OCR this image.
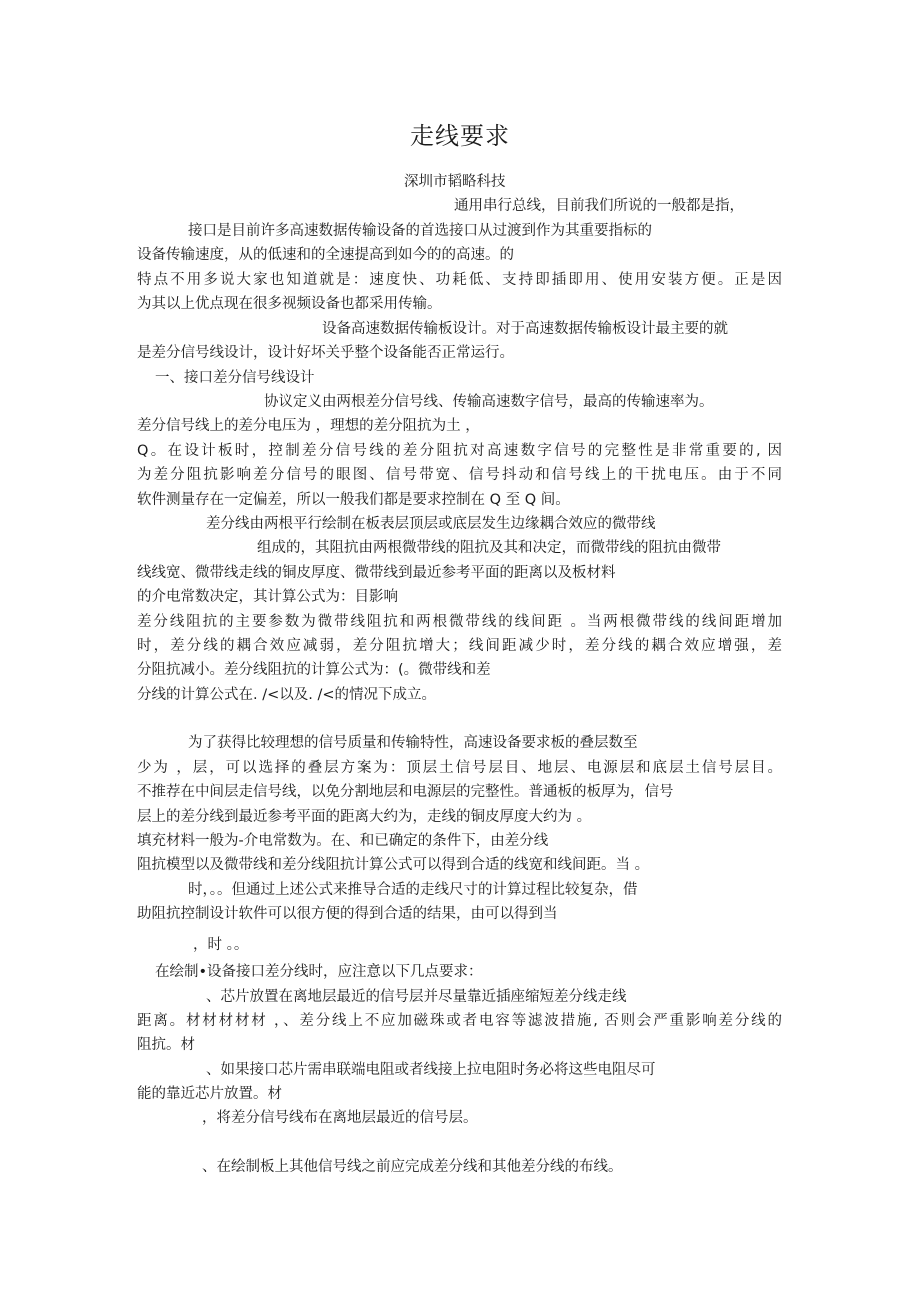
走线要求
深圳市韬略科技
通用串行总线，目前我们所说的一般都是指，
接口是目前许多高速数据传输设备的首选接口从过渡到作为其重要指标的
设备传输速度，从的低速和的全速提高到如今的的高速。的
特点不用多说大家也知道就是：速度快、功耗低、支持即插即用、使用安装方便。正是因
为其以上优点现在很多视频设备也都采用传输。
设备高速数据传输板设计。对于高速数据传输板设计最主要的就
是差分信号线设计，设计好坏关乎整个设备能否正常运行。
一、接口差分信号线设计
协议定义由两根差分信号线、传输高速数字信号，最高的传输速率为。
差分信号线上的差分电压为 ，理想的差分阻抗为土 ，
Q。在设计板时，控制差分信号线的差分阻抗对高速数字信号的完整性是非常重要的, 因
为差分阻抗影响差分信号的眼图、信号带宽、信号抖动和信号线上的干扰电压。由于不同
软件测量存在一定偏差，所以一般我们都是要求控制在 Q 至 Q 间。
差分线由两根平行绘制在板表层顶层或底层发生边缘耦合效应的微带线
组成的，其阻抗由两根微带线的阻抗及其和决定，而微带线的阻抗由微带
线线宽、微带线走线的铜皮厚度、微带线到最近参考平面的距离以及板材料
的介电常数决定，其计算公式为：目影响
差分线阻抗的主要参数为微带线阻抗和两根微带线的线间距 。当两根微带线的线间距增加
时，差分线的耦合效应减弱，差分阻抗增大；线间距减少时，差分线的耦合效应增强，差
分阻抗减小。差分线阻抗的计算公式为：(。微带线和差
分线的计算公式在. /<以及. /<的情况下成立。
为了获得比较理想的信号质量和传输特性，高速设备要求板的叠层数至
少为 ，层，可以选择的叠层方案为：顶层土信号层目、地层、电源层和底层土信号层目。
不推荐在中间层走信号线，以免分割地层和电源层的完整性。普通板的板厚为，信号
层上的差分线到最近参考平面的距离大约为，走线的铜皮厚度大约为 。
填充材料一般为-介电常数为。在、和已确定的条件下，由差分线
阻抗模型以及微带线和差分线阻抗计算公式可以得到合适的线宽和线间距。当 。
时，。。但通过上述公式来推导合适的走线尺寸的计算过程比较复杂，借
助阻抗控制设计软件可以很方便的得到合适的结果，由可以得到当
，时 。。
在绘制•设备接口差分线时，应注意以下几点要求：
、芯片放置在离地层最近的信号层并尽量靠近插座缩短差分线走线
距离。材材材材材 ，、差分线上不应加磁珠或者电容等滤波措施, 否则会严重影响差分线的
阻抗。材
、如果接口芯片需串联端电阻或者线接上拉电阻时务必将这些电阻尽可
能的靠近芯片放置。材
，将差分信号线布在离地层最近的信号层。
、在绘制板上其他信号线之前应完成差分线和其他差分线的布线。
